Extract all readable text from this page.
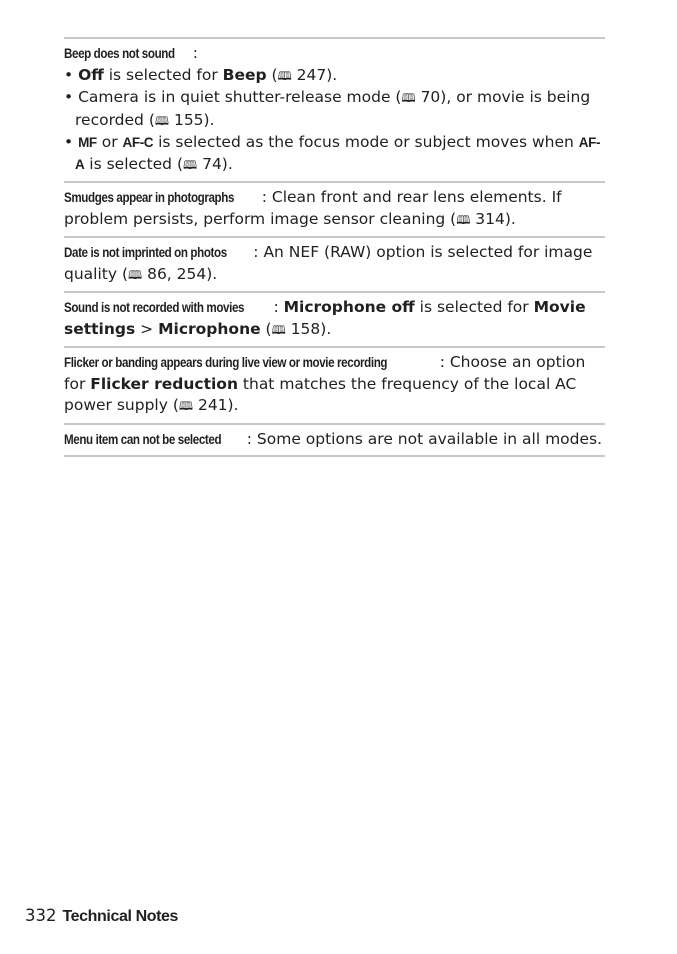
Beep does not sound :
• Off is selected for Beep (🕮 247).
• Camera is in quiet shutter-release mode (🕮 70), or movie is being recorded (🕮 155).
• MF or AF-C is selected as the focus mode or subject moves when AF-A is selected (🕮 74).
Smudges appear in photographs : Clean front and rear lens elements. If problem persists, perform image sensor cleaning (🕮 314).
Date is not imprinted on photos : An NEF (RAW) option is selected for image quality (🕮 86, 254).
Sound is not recorded with movies : Microphone off is selected for Movie settings > Microphone (🕮 158).
Flicker or banding appears during live view or movie recording	: Choose an option for Flicker reduction that matches the frequency of the local AC power supply (🕮 241).
Menu item can not be selected : Some options are not available in all modes.
332 Technical Notes
